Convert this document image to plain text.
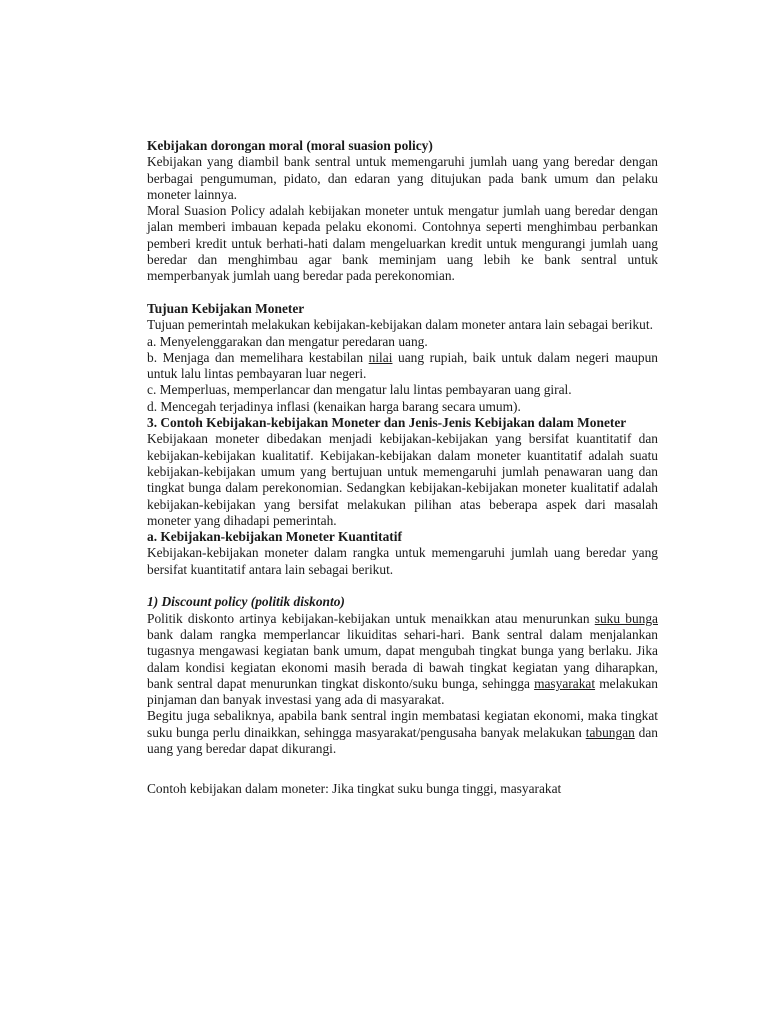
Kebijakan dorongan moral (moral suasion policy)

Kebijakan yang diambil bank sentral untuk memengaruhi jumlah uang yang beredar dengan berbagai pengumuman, pidato, dan edaran yang ditujukan pada bank umum dan pelaku moneter lainnya.

Moral Suasion Policy adalah kebijakan moneter untuk mengatur jumlah uang beredar dengan jalan memberi imbauan kepada pelaku ekonomi. Contohnya seperti menghimbau perbankan pemberi kredit untuk berhati-hati dalam mengeluarkan kredit untuk mengurangi jumlah uang beredar dan menghimbau agar bank meminjam uang lebih ke bank sentral untuk memperbanyak jumlah uang beredar pada perekonomian.

Tujuan Kebijakan Moneter

Tujuan pemerintah melakukan kebijakan-kebijakan dalam moneter antara lain sebagai berikut.

a. Menyelenggarakan dan mengatur peredaran uang.

b. Menjaga dan memelihara kestabilan nilai uang rupiah, baik untuk dalam negeri maupun untuk lalu lintas pembayaran luar negeri.

c. Memperluas, memperlancar dan mengatur lalu lintas pembayaran uang giral.

d. Mencegah terjadinya inflasi (kenaikan harga barang secara umum).

3. Contoh Kebijakan-kebijakan Moneter dan Jenis-Jenis Kebijakan dalam Moneter

Kebijakaan moneter dibedakan menjadi kebijakan-kebijakan yang bersifat kuantitatif dan kebijakan-kebijakan kualitatif. Kebijakan-kebijakan dalam moneter kuantitatif adalah suatu kebijakan-kebijakan umum yang bertujuan untuk memengaruhi jumlah penawaran uang dan tingkat bunga dalam perekonomian. Sedangkan kebijakan-kebijakan moneter kualitatif adalah kebijakan-kebijakan yang bersifat melakukan pilihan atas beberapa aspek dari masalah moneter yang dihadapi pemerintah.

a. Kebijakan-kebijakan Moneter Kuantitatif

Kebijakan-kebijakan moneter dalam rangka untuk memengaruhi jumlah uang beredar yang bersifat kuantitatif antara lain sebagai berikut.

1) Discount policy (politik diskonto)

Politik diskonto artinya kebijakan-kebijakan untuk menaikkan atau menurunkan suku bunga bank dalam rangka memperlancar likuiditas sehari-hari. Bank sentral dalam menjalankan tugasnya mengawasi kegiatan bank umum, dapat mengubah tingkat bunga yang berlaku. Jika dalam kondisi kegiatan ekonomi masih berada di bawah tingkat kegiatan yang diharapkan, bank sentral dapat menurunkan tingkat diskonto/suku bunga, sehingga masyarakat melakukan pinjaman dan banyak investasi yang ada di masyarakat.

Begitu juga sebaliknya, apabila bank sentral ingin membatasi kegiatan ekonomi, maka tingkat suku bunga perlu dinaikkan, sehingga masyarakat/pengusaha banyak melakukan tabungan dan uang yang beredar dapat dikurangi.

Contoh kebijakan dalam moneter: Jika tingkat suku bunga tinggi, masyarakat
